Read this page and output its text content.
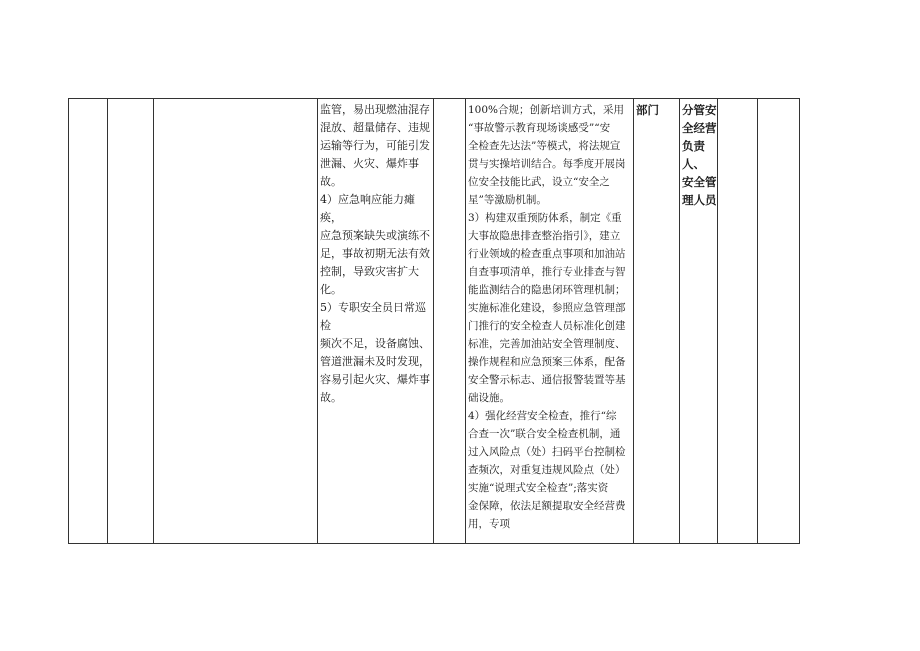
监管，易出现燃油混存
混放、超量储存、违规
运输等行为，可能引发
泄漏、火灾、爆炸事故。
4）应急响应能力瘫痪，
应急预案缺失或演练不
足，事故初期无法有效
控制，导致灾害扩大化。
5）专职安全员日常巡检
频次不足，设备腐蚀、
管道泄漏未及时发现，
容易引起火灾、爆炸事
故。
100%合规；创新培训方式，采用
“事故警示教育现场谈感受”“安
全检查先达法”等模式，将法规宣
贯与实操培训结合。每季度开展岗
位安全技能比武，设立“安全之
星”等激励机制。
3）构建双重预防体系，制定《重
大事故隐患排查整治指引》，建立
行业领域的检查重点事项和加油站
自查事项清单，推行专业排查与智
能监测结合的隐患闭环管理机制；
实施标准化建设，参照应急管理部
门推行的安全检查人员标准化创建
标准，完善加油站安全管理制度、
操作规程和应急预案三体系，配备
安全警示标志、通信报警装置等基
础设施。
4）强化经营安全检查，推行“综
合查一次”联合安全检查机制，通
过入风险点（处）扫码平台控制检
查频次，对重复违规风险点（处）
实施“说理式安全检查”;落实资
金保障，依法足额提取安全经营费
用，专项
部门	分管安
全经营
负责人、
安全管
理人员
